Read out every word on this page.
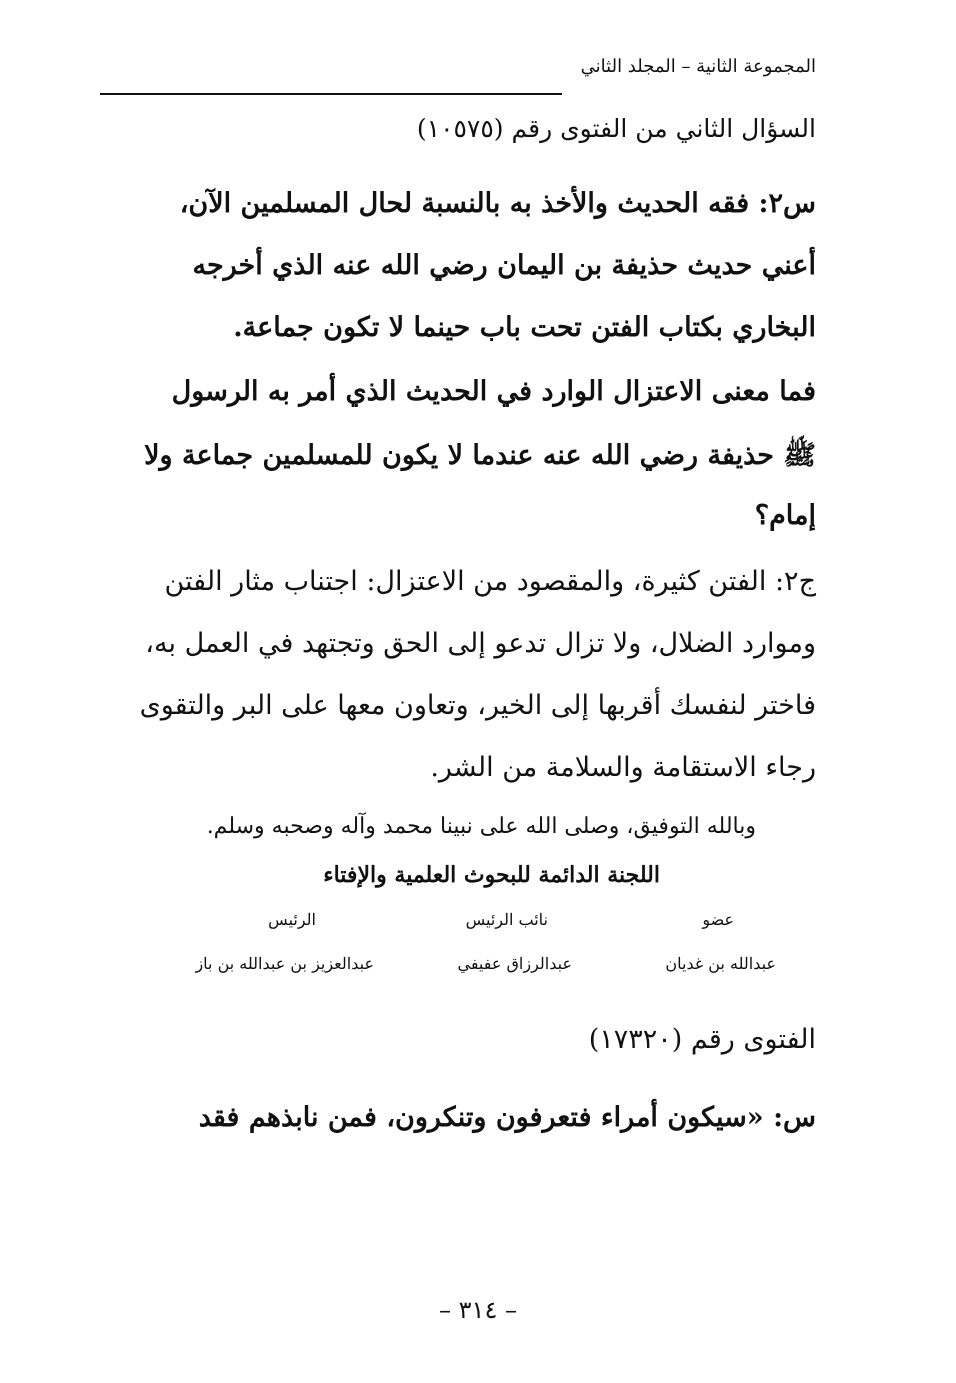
المجموعة الثانية – المجلد الثاني
السؤال الثاني من الفتوى رقم (١٠٥٧٥)
س٢: فقه الحديث والأخذ به بالنسبة لحال المسلمين الآن،
أعني حديث حذيفة بن اليمان رضي الله عنه الذي أخرجه
البخاري بكتاب الفتن تحت باب حينما لا تكون جماعة.
فما معنى الاعتزال الوارد في الحديث الذي أمر به الرسول
ﷺ حذيفة رضي الله عنه عندما لا يكون للمسلمين جماعة ولا
إمام؟
ج٢: الفتن كثيرة، والمقصود من الاعتزال: اجتناب مثار الفتن
وموارد الضلال، ولا تزال تدعو إلى الحق وتجتهد في العمل به،
فاختر لنفسك أقربها إلى الخير، وتعاون معها على البر والتقوى
رجاء الاستقامة والسلامة من الشر.
وبالله التوفيق، وصلى الله على نبينا محمد وآله وصحبه وسلم.
اللجنة الدائمة للبحوث العلمية والإفتاء
عضو
نائب الرئيس
الرئيس
عبدالله بن غديان
عبدالرزاق عفيفي
عبدالعزيز بن عبدالله بن باز
الفتوى رقم (١٧٣٢٠)
س: «سيكون أمراء فتعرفون وتنكرون، فمن نابذهم فقد
– ٣١٤ –
